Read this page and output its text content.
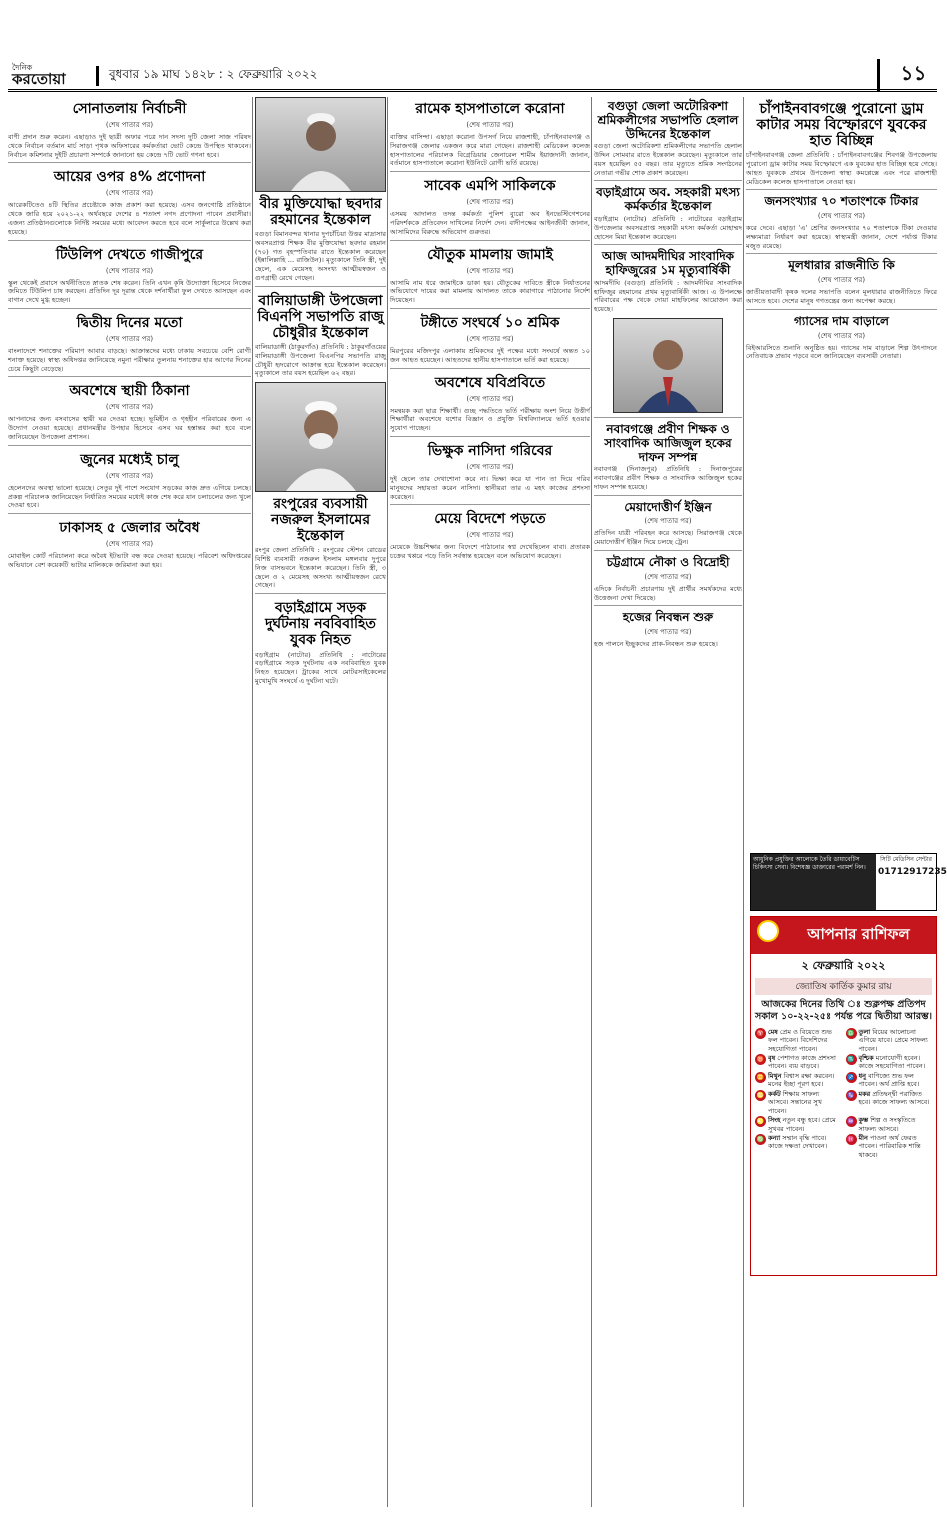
দৈনিক
করতোয়া	বুধবার ১৯ মাঘ ১৪২৮ : ২ ফেব্রুয়ারি ২০২২	১১
সোনাতলায় নির্বাচনী
(শেষ পাতার পর)
বাণী প্রদান শুরু করেন। এছাড়াও দুই ছাত্রী অফার পত্রে দান সদস্য দুটি জেলা সাজ পরিষদ থেকে নির্বাচন বর্তমান মার্চ সাড়া পৃথক অফিসারের কর্মকর্তারা ভোট কেন্দ্রে উপস্থিত থাকবেন। নির্বাচন কমিশনার দুইটি প্রচারণা সম্পর্কে জানানো হয় কেন্দ্রে ৭টি ভোট গণনা হবে।
আয়ের ওপর ৪% প্রণোদনা
(শেষ পাতার পর)
আরেকটিতেও ৪টি স্থিতির প্রচেষ্টাকে কাজ প্রকাশ করা হয়েছে। এসব জনগোষ্ঠি প্রতিষ্ঠানে থেকে জারি হয়ে ২০২১-২২ অর্থবছরে দেশের ৪ শতাংশ নগদ প্রণোদনা পাবেন প্রবাসীরা। এজন্য প্রতিষ্ঠানগুলোকে নির্দিষ্ট সময়ের মধ্যে আবেদন করতে হবে বলে সার্কুলারে উল্লেখ করা হয়েছে।
টিউলিপ দেখতে গাজীপুরে
(শেষ পাতার পর)
স্কুল থেকেই প্রবাসে অর্থনীতিতে স্নাতক শেষ করেন। তিনি এখন কৃষি উদ্যোক্তা হিসেবে নিজের জমিতে টিউলিপ চাষ করছেন। প্রতিদিন দূর দূরান্ত থেকে দর্শনার্থীরা ফুল দেখতে আসছেন এবং বাগান দেখে মুগ্ধ হচ্ছেন।
দ্বিতীয় দিনের মতো
(শেষ পাতার পর)
বাংলাদেশে শনাক্তের পরিমাণ আবার বাড়ছে। আক্রান্তদের মধ্যে ঢাকায় সবচেয়ে বেশি রোগী শনাক্ত হয়েছে। স্বাস্থ্য অধিদপ্তর জানিয়েছে নমুনা পরীক্ষার তুলনায় শনাক্তের হার আগের দিনের চেয়ে কিছুটা বেড়েছে।
অবশেষে স্থায়ী ঠিকানা
(শেষ পাতার পর)
আপনাদের জন্য বসবাসের স্থায়ী ঘর দেওয়া হচ্ছে। ভূমিহীন ও গৃহহীন পরিবারের জন্য এ উদ্যোগ নেওয়া হয়েছে। প্রধানমন্ত্রীর উপহার হিসেবে এসব ঘর হস্তান্তর করা হবে বলে জানিয়েছেন উপজেলা প্রশাসন।
জুনের মধ্যেই চালু
(শেষ পাতার পর)
হেলেনদের অবস্থা ভালো হয়েছে। সেতুর দুই পাশে সংযোগ সড়কের কাজ দ্রুত এগিয়ে চলছে। প্রকল্প পরিচালক জানিয়েছেন নির্ধারিত সময়ের মধ্যেই কাজ শেষ করে যান চলাচলের জন্য খুলে দেওয়া হবে।
ঢাকাসহ ৫ জেলার অবৈধ
(শেষ পাতার পর)
মোবাইল কোর্ট পরিচালনা করে অবৈধ ইটভাটা বন্ধ করে দেওয়া হয়েছে। পরিবেশ অধিদপ্তরের অভিযানে বেশ কয়েকটি ভাটার মালিককে জরিমানা করা হয়।
বীর মুক্তিযোদ্ধা ছবদার রহমানের ইন্তেকাল
বগুড়া বিমানবন্দর থানার দুপচাঁচিয়া উত্তর মাদ্রাসার অবসরপ্রাপ্ত শিক্ষক বীর মুক্তিযোদ্ধা ছবদার রহমান (৭০) গত বৃহস্পতিবার রাতে ইন্তেকাল করেছেন (ইন্নালিল্লাহি ... রাজিউন)। মৃত্যুকালে তিনি স্ত্রী, দুই ছেলে, এক মেয়েসহ অসংখ্য আত্মীয়স্বজন ও গুণগ্রাহী রেখে গেছেন।
বালিয়াডাঙ্গী উপজেলা বিএনপি সভাপতি রাজু চৌধুরীর ইন্তেকাল
বালিয়াডাঙ্গী (ঠাকুরগাঁও) প্রতিনিধি : ঠাকুরগাঁওয়ের বালিয়াডাঙ্গী উপজেলা বিএনপির সভাপতি রাজু চৌধুরী হৃদরোগে আক্রান্ত হয়ে ইন্তেকাল করেছেন। মৃত্যুকালে তার বয়স হয়েছিল ৬২ বছর।
রংপুরের ব্যবসায়ী নজরুল ইসলামের ইন্তেকাল
রংপুর জেলা প্রতিনিধি : রংপুরের স্টেশন রোডের বিশিষ্ট ব্যবসায়ী নজরুল ইসলাম মঙ্গলবার দুপুরে নিজ বাসভবনে ইন্তেকাল করেছেন। তিনি স্ত্রী, ৩ ছেলে ও ২ মেয়েসহ অসংখ্য আত্মীয়স্বজন রেখে গেছেন।
বড়াইগ্রামে সড়ক দুর্ঘটনায় নববিবাহিত যুবক নিহত
বড়াইগ্রাম (নাটোর) প্রতিনিধি : নাটোরের বড়াইগ্রামে সড়ক দুর্ঘটনায় এক নববিবাহিত যুবক নিহত হয়েছেন। ট্রাকের সাথে মোটরসাইকেলের মুখোমুখি সংঘর্ষে এ দুর্ঘটনা ঘটে।
রামেক হাসপাতালে করোনা
(শেষ পাতার পর)
ব্যক্তির বাসিন্দা। এছাড়া করোনা উপসর্গ নিয়ে রাজশাহী, চাঁপাইনবাবগঞ্জ ও সিরাজগঞ্জ জেলার একজন করে মারা গেছেন। রাজশাহী মেডিকেল কলেজ হাসপাতালের পরিচালক বিগ্রেডিয়ার জেনারেল শামীম ইয়াজদানী জানান, বর্তমানে হাসপাতালে করোনা ইউনিটে রোগী ভর্তি রয়েছে।
সাবেক এমপি সাকিলকে
(শেষ পাতার পর)
এসময় আদালত তদন্ত কর্মকর্তা পুলিশ ব্যুরো অব ইনভেস্টিগেশনের পরিদর্শককে প্রতিবেদন দাখিলের নির্দেশ দেন। বাদীপক্ষের আইনজীবী জানান, আসামিদের বিরুদ্ধে অভিযোগ গুরুতর।
যৌতুক মামলায় জামাই
(শেষ পাতার পর)
আসামি নাম ধরে জামাইকে ডাকা হয়। যৌতুকের দাবিতে স্ত্রীকে নির্যাতনের অভিযোগে দায়ের করা মামলায় আদালত তাকে কারাগারে পাঠানোর নির্দেশ দিয়েছেন।
টঙ্গীতে সংঘর্ষে ১০ শ্রমিক
(শেষ পাতার পর)
মিরপুরের মজিদপুর এলাকায় শ্রমিকদের দুই পক্ষের মধ্যে সংঘর্ষে অন্তত ১০ জন আহত হয়েছেন। আহতদের স্থানীয় হাসপাতালে ভর্তি করা হয়েছে।
অবশেষে যবিপ্রবিতে
(শেষ পাতার পর)
সমন্বয়ক করা ছাত্র শিক্ষার্থী। গুচ্ছ পদ্ধতিতে ভর্তি পরীক্ষায় অংশ নিয়ে উত্তীর্ণ শিক্ষার্থীরা অবশেষে যশোর বিজ্ঞান ও প্রযুক্তি বিশ্ববিদ্যালয়ে ভর্তি হওয়ার সুযোগ পাচ্ছেন।
ভিক্ষুক নাসিদা গরিবের
(শেষ পাতার পর)
দুই ছেলে তার দেখাশোনা করে না। ভিক্ষা করে যা পান তা দিয়ে গরিব মানুষদের সহায়তা করেন নাসিদা। স্থানীয়রা তার এ মহৎ কাজের প্রশংসা করেছেন।
মেয়ে বিদেশে পড়তে
(শেষ পাতার পর)
মেয়েকে উচ্চশিক্ষার জন্য বিদেশে পাঠানোর স্বপ্ন দেখেছিলেন বাবা। প্রতারক চক্রের খপ্পরে পড়ে তিনি সর্বস্বান্ত হয়েছেন বলে অভিযোগ করেছেন।
বগুড়া জেলা অটোরিকশা শ্রমিকলীগের সভাপতি হেলাল উদ্দিনের ইন্তেকাল
বগুড়া জেলা অটোরিকশা শ্রমিকলীগের সভাপতি হেলাল উদ্দিন সোমবার রাতে ইন্তেকাল করেছেন। মৃত্যুকালে তার বয়স হয়েছিল ৫৫ বছর। তার মৃত্যুতে শ্রমিক সংগঠনের নেতারা গভীর শোক প্রকাশ করেছেন।
বড়াইগ্রামে অব. সহকারী মৎস্য কর্মকর্তার ইন্তেকাল
বড়াইগ্রাম (নাটোর) প্রতিনিধি : নাটোরের বড়াইগ্রাম উপজেলার অবসরপ্রাপ্ত সহকারী মৎস্য কর্মকর্তা মোহাম্মদ হোসেন মিয়া ইন্তেকাল করেছেন।
আজ আদমদীঘির সাংবাদিক হাফিজুরের ১ম মৃত্যুবার্ষিকী
আদমদীঘি (বগুড়া) প্রতিনিধি : আদমদীঘির সাংবাদিক হাফিজুর রহমানের প্রথম মৃত্যুবার্ষিকী আজ। এ উপলক্ষে পরিবারের পক্ষ থেকে দোয়া মাহফিলের আয়োজন করা হয়েছে।
নবাবগঞ্জে প্রবীণ শিক্ষক ও সাংবাদিক আজিজুল হকের দাফন সম্পন্ন
নবাবগঞ্জ (দিনাজপুর) প্রতিনিধি : দিনাজপুরের নবাবগঞ্জের প্রবীণ শিক্ষক ও সাংবাদিক আজিজুল হকের দাফন সম্পন্ন হয়েছে।
মেয়াদোত্তীর্ণ ইঞ্জিন
(শেষ পাতার পর)
প্রতিদিন যাত্রী পরিবহন করে আসছে। সিরাজগঞ্জ থেকে মেয়াদোত্তীর্ণ ইঞ্জিন দিয়ে চলছে ট্রেন।
চট্টগ্রামে নৌকা ও বিদ্রোহী
(শেষ পাতার পর)
এদিকে নির্বাচনী প্রচারণায় দুই প্রার্থীর সমর্থকদের মধ্যে উত্তেজনা দেখা দিয়েছে।
হজের নিবন্ধন শুরু
(শেষ পাতার পর)
হজ পালনে ইচ্ছুকদের প্রাক-নিবন্ধন শুরু হয়েছে।
চাঁপাইনবাবগঞ্জে পুরোনো ড্রাম কাটার সময় বিস্ফোরণে যুবকের হাত বিচ্ছিন্ন
চাঁপাইনবাবগঞ্জ জেলা প্রতিনিধি : চাঁপাইনবাবগঞ্জের শিবগঞ্জ উপজেলায় পুরোনো ড্রাম কাটার সময় বিস্ফোরণে এক যুবকের হাত বিচ্ছিন্ন হয়ে গেছে। আহত যুবককে প্রথমে উপজেলা স্বাস্থ্য কমপ্লেক্সে এবং পরে রাজশাহী মেডিকেল কলেজ হাসপাতালে নেওয়া হয়।
জনসংখ্যার ৭০ শতাংশকে টিকার
(শেষ পাতার পর)
করে দেবে। এছাড়া ‘এ’ শ্রেণির জনসংখ্যার ৭০ শতাংশকে টিকা দেওয়ার লক্ষ্যমাত্রা নির্ধারণ করা হয়েছে। স্বাস্থ্যমন্ত্রী জানান, দেশে পর্যাপ্ত টিকার মজুত রয়েছে।
মূলধারার রাজনীতি কি
(শেষ পাতার পর)
জাতীয়তাবাদী কৃষক দলের সভাপতি বলেন মূলধারার রাজনীতিতে ফিরে আসতে হবে। দেশের মানুষ গণতন্ত্রের জন্য অপেক্ষা করছে।
গ্যাসের দাম বাড়ালে
(শেষ পাতার পর)
বিইআরসিতে শুনানি অনুষ্ঠিত হয়। গ্যাসের দাম বাড়ালে শিল্প উৎপাদনে নেতিবাচক প্রভাব পড়বে বলে জানিয়েছেন ব্যবসায়ী নেতারা।
আধুনিক প্রযুক্তির আলোকে তৈরি ডায়াবেটিস চিকিৎসা সেবা। বিশেষজ্ঞ ডাক্তারের পরামর্শ নিন।
সিটি মেডিসিন সেন্টার
01712917235
আপনার রাশিফল
২ ফেব্রুয়ারি ২০২২
জ্যোতিষ কার্তিক কুমার রায়
আজকের দিনের তিথি ঃ শুক্লপক্ষ প্রতিপদ সকাল ১০-২২-২৫ঃ পর্যন্ত পরে দ্বিতীয়া আরম্ভ।
♈ মেষ প্রেম ও বিয়েতে শুভ ফল পাবেন। বিদেশিদের সহযোগিতা পাবেন।
♎ তুলা বিয়ের আলোচনা এগিয়ে যাবে। প্রেমে সাফল্য পাবেন।
♉ বৃষ পেশাগত কাজে প্রশংসা পাবেন। ব্যয় বাড়বে।
♏ বৃশ্চিক মনোযোগী হবেন। কাজে সহযোগিতা পাবেন।
♊ মিথুন বিশ্বাস রক্ষা করবেন। মনের ইচ্ছা পূরণ হবে।
♐ ধনু বাণিজ্যে শুভ ফল পাবেন। অর্থ প্রাপ্তি হবে।
♋ কর্কট শিক্ষায় সাফল্য আসবে। সন্তানের সুখ পাবেন।
♑ মকর প্রতিদ্বন্দ্বী পরাজিত হবে। কাজে সাফল্য আসবে।
♌ সিংহ নতুন বন্ধু হবে। প্রেমে সুখবর পাবেন।
♒ কুম্ভ শিল্প ও সংস্কৃতিতে সাফল্য আসবে।
♍ কন্যা সম্মান বৃদ্ধি পাবে। কাজে দক্ষতা দেখাবেন।
♓ মীন পাওনা অর্থ ফেরত পাবেন। পারিবারিক শান্তি থাকবে।
